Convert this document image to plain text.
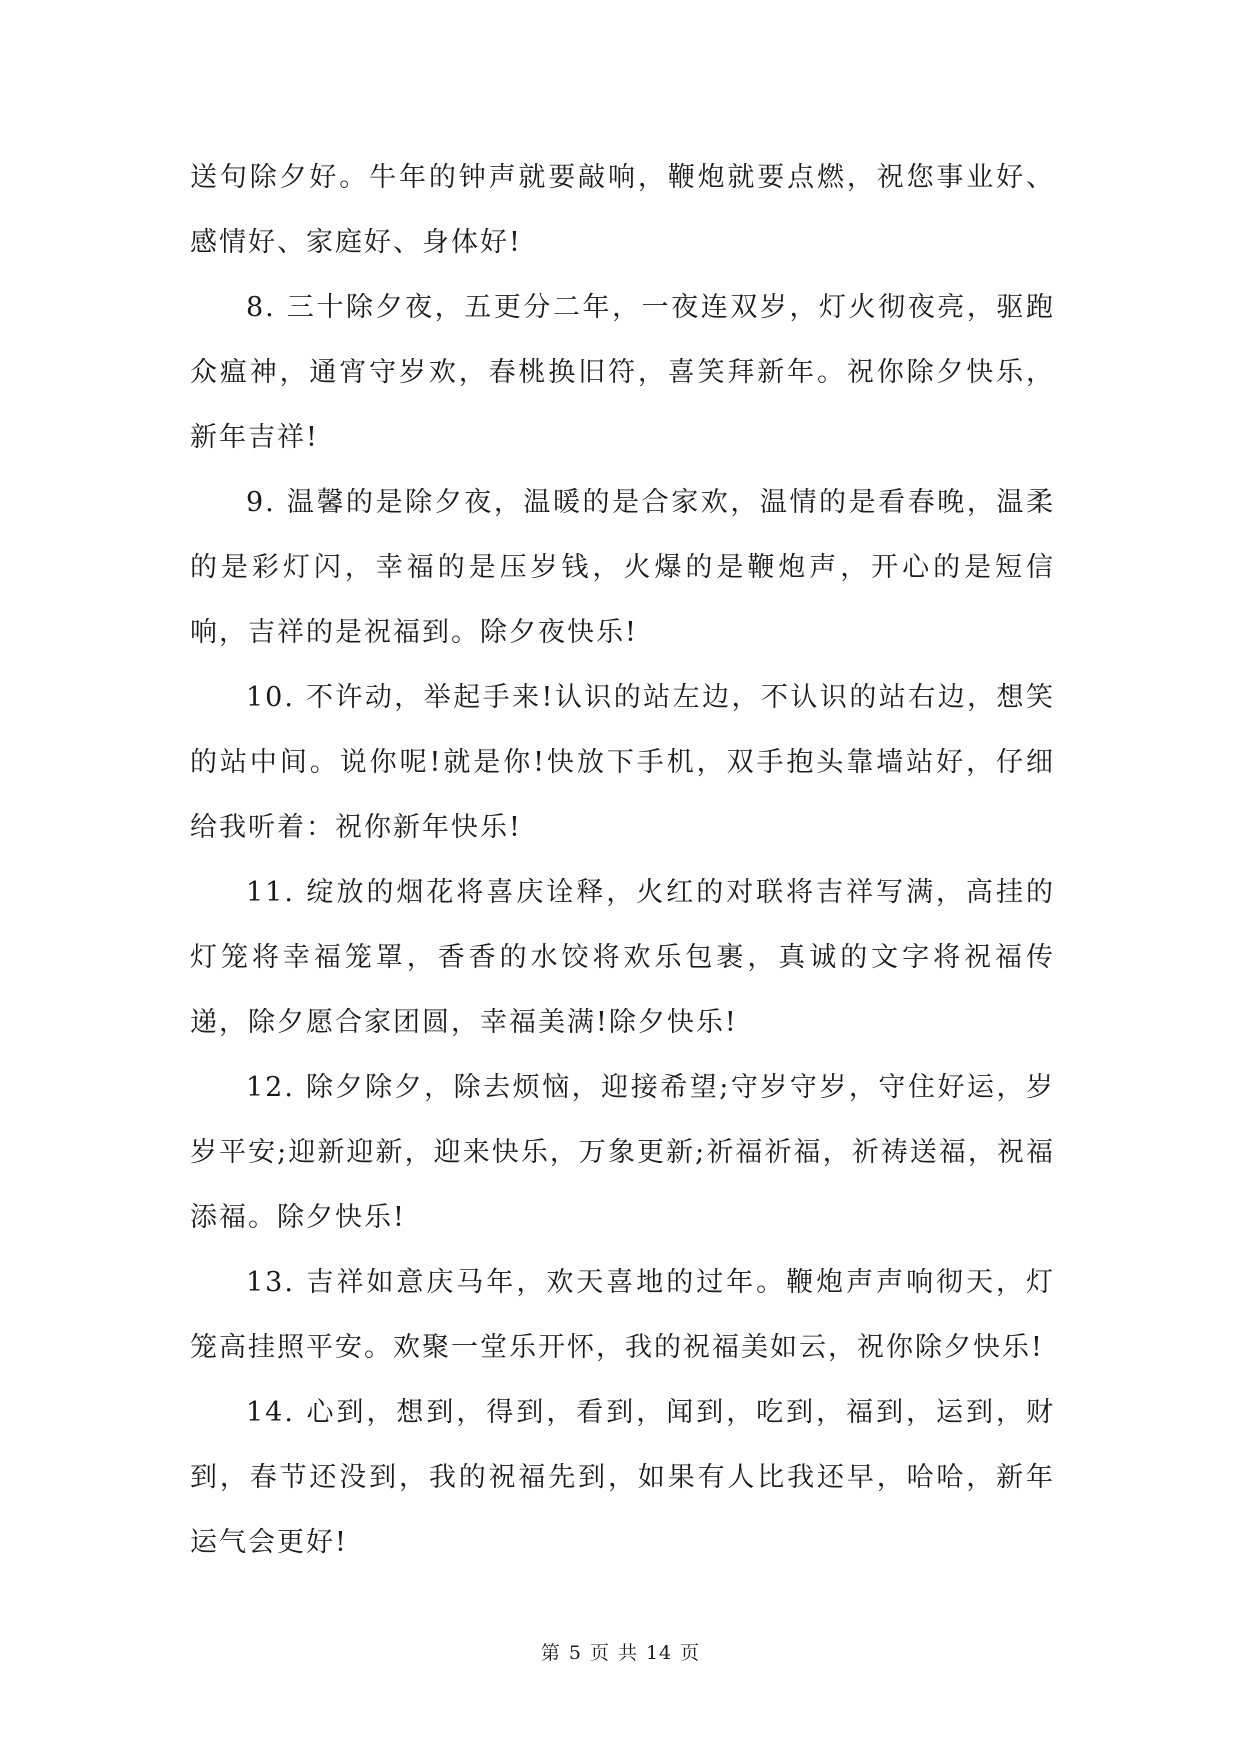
送句除夕好。牛年的钟声就要敲响，鞭炮就要点燃，祝您事业好、感情好、家庭好、身体好!

8. 三十除夕夜，五更分二年，一夜连双岁，灯火彻夜亮，驱跑众瘟神，通宵守岁欢，春桃换旧符，喜笑拜新年。祝你除夕快乐，新年吉祥!

9. 温馨的是除夕夜，温暖的是合家欢，温情的是看春晚，温柔的是彩灯闪，幸福的是压岁钱，火爆的是鞭炮声，开心的是短信响，吉祥的是祝福到。除夕夜快乐!

10. 不许动，举起手来!认识的站左边，不认识的站右边，想笑的站中间。说你呢!就是你!快放下手机，双手抱头靠墙站好，仔细给我听着：祝你新年快乐!

11. 绽放的烟花将喜庆诠释，火红的对联将吉祥写满，高挂的灯笼将幸福笼罩，香香的水饺将欢乐包裹，真诚的文字将祝福传递，除夕愿合家团圆，幸福美满!除夕快乐!

12. 除夕除夕，除去烦恼，迎接希望;守岁守岁，守住好运，岁岁平安;迎新迎新，迎来快乐，万象更新;祈福祈福，祈祷送福，祝福添福。除夕快乐!

13. 吉祥如意庆马年，欢天喜地的过年。鞭炮声声响彻天，灯笼高挂照平安。欢聚一堂乐开怀，我的祝福美如云，祝你除夕快乐!

14. 心到，想到，得到，看到，闻到，吃到，福到，运到，财到，春节还没到，我的祝福先到，如果有人比我还早，哈哈，新年运气会更好!

第 5 页 共 14 页
